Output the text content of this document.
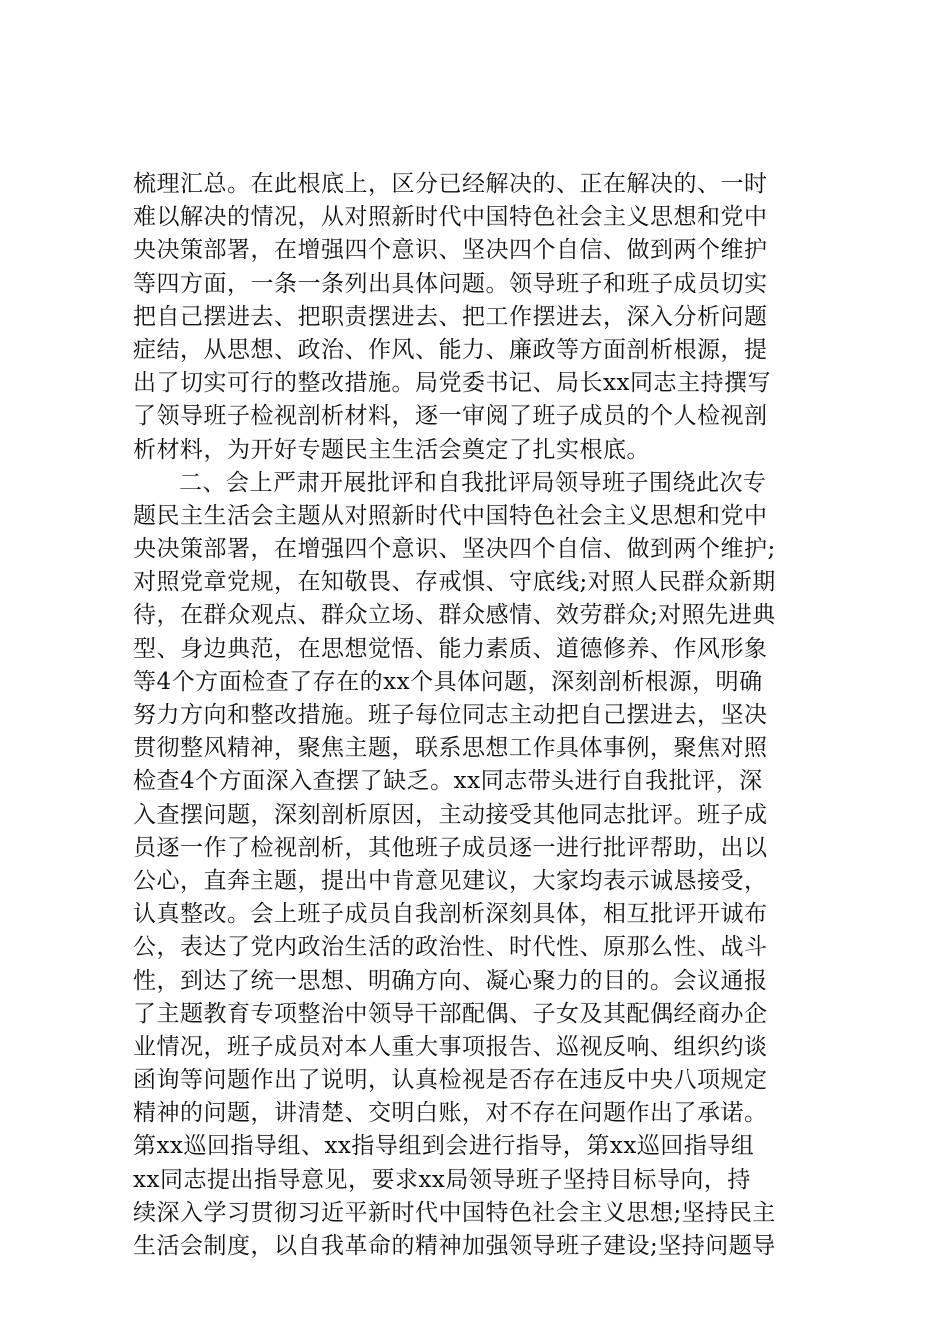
梳理汇总。在此根底上，区分已经解决的、正在解决的、一时
难以解决的情况，从对照新时代中国特色社会主义思想和党中
央决策部署，在增强四个意识、坚决四个自信、做到两个维护
等四方面，一条一条列出具体问题。领导班子和班子成员切实
把自己摆进去、把职责摆进去、把工作摆进去，深入分析问题
症结，从思想、政治、作风、能力、廉政等方面剖析根源，提
出了切实可行的整改措施。局党委书记、局长xx同志主持撰写
了领导班子检视剖析材料，逐一审阅了班子成员的个人检视剖
析材料，为开好专题民主生活会奠定了扎实根底。
二、会上严肃开展批评和自我批评局领导班子围绕此次专
题民主生活会主题从对照新时代中国特色社会主义思想和党中
央决策部署，在增强四个意识、坚决四个自信、做到两个维护;
对照党章党规，在知敬畏、存戒惧、守底线;对照人民群众新期
待，在群众观点、群众立场、群众感情、效劳群众;对照先进典
型、身边典范，在思想觉悟、能力素质、道德修养、作风形象
等4个方面检查了存在的xx个具体问题，深刻剖析根源，明确
努力方向和整改措施。班子每位同志主动把自己摆进去，坚决
贯彻整风精神，聚焦主题，联系思想工作具体事例，聚焦对照
检查4个方面深入查摆了缺乏。xx同志带头进行自我批评，深
入查摆问题，深刻剖析原因，主动接受其他同志批评。班子成
员逐一作了检视剖析，其他班子成员逐一进行批评帮助，出以
公心，直奔主题，提出中肯意见建议，大家均表示诚恳接受，
认真整改。会上班子成员自我剖析深刻具体，相互批评开诚布
公，表达了党内政治生活的政治性、时代性、原那么性、战斗
性，到达了统一思想、明确方向、凝心聚力的目的。会议通报
了主题教育专项整治中领导干部配偶、子女及其配偶经商办企
业情况，班子成员对本人重大事项报告、巡视反响、组织约谈
函询等问题作出了说明，认真检视是否存在违反中央八项规定
精神的问题，讲清楚、交明白账，对不存在问题作出了承诺。
第xx巡回指导组、xx指导组到会进行指导，第xx巡回指导组
xx同志提出指导意见，要求xx局领导班子坚持目标导向，持
续深入学习贯彻习近平新时代中国特色社会主义思想;坚持民主
生活会制度，以自我革命的精神加强领导班子建设;坚持问题导
